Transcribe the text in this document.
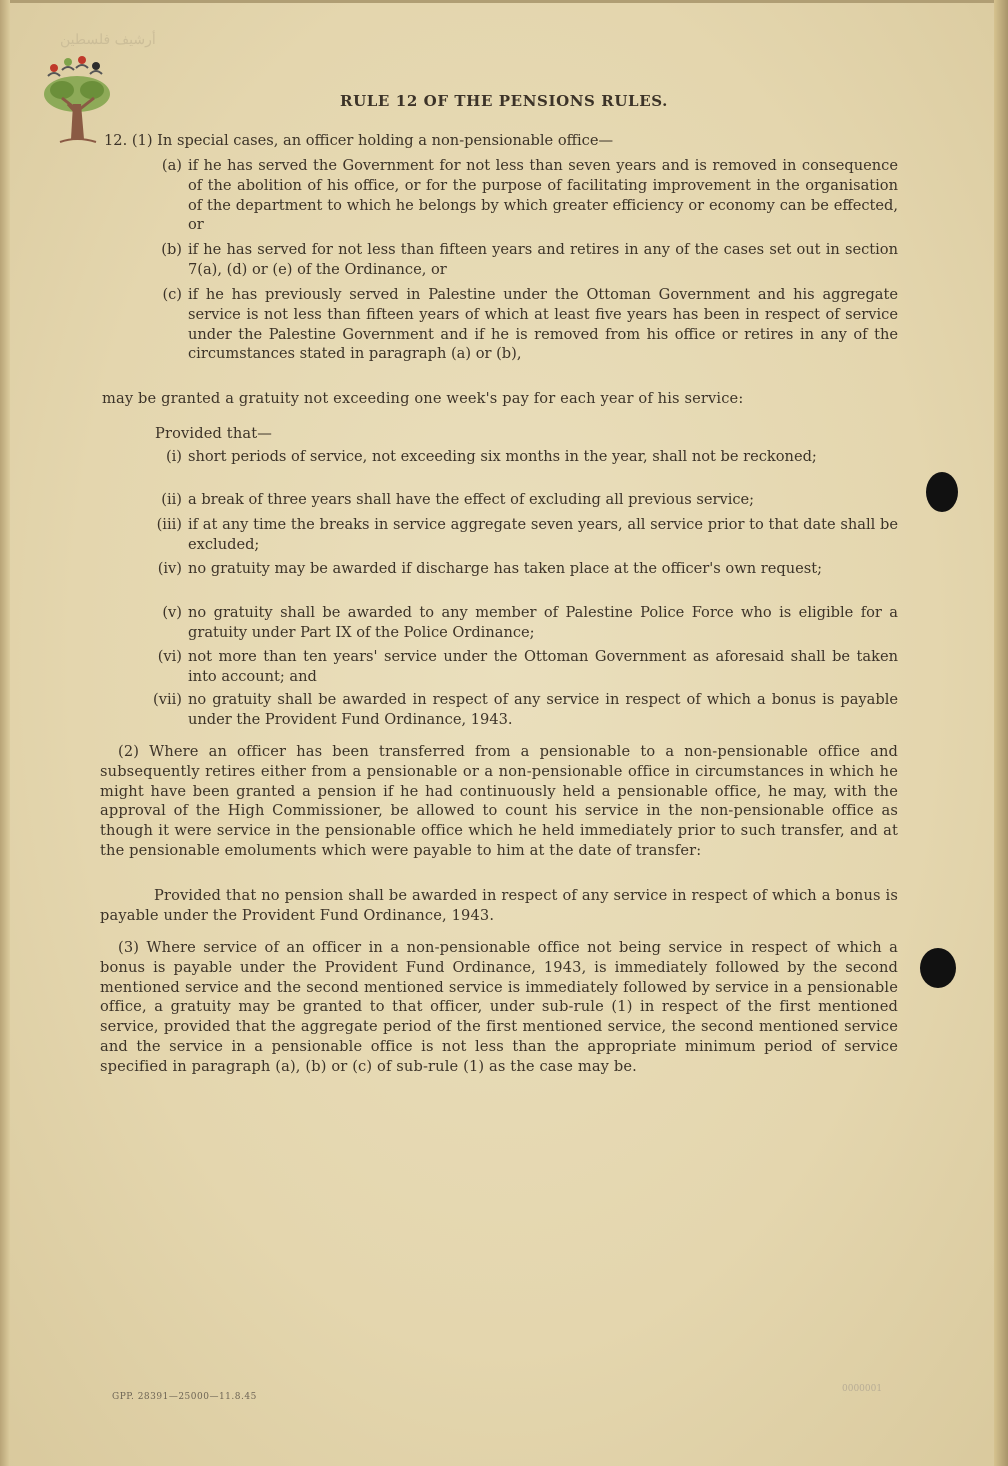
أرشيف فلسطين
RULE 12 OF THE PENSIONS RULES.
12. (1) In special cases, an officer holding a non-pensionable office—
(a) if he has served the Government for not less than seven years and is removed in consequence of the abolition of his office, or for the purpose of facilitating improvement in the organisation of the department to which he belongs by which greater efficiency or economy can be effected, or
(b) if he has served for not less than fifteen years and retires in any of the cases set out in section 7(a), (d) or (e) of the Ordinance, or
(c) if he has previously served in Palestine under the Ottoman Government and his aggregate service is not less than fifteen years of which at least five years has been in respect of service under the Palestine Government and if he is removed from his office or retires in any of the circumstances stated in paragraph (a) or (b),
may be granted a gratuity not exceeding one week's pay for each year of his service:
Provided that—
(i) short periods of service, not exceeding six months in the year, shall not be reckoned;
(ii) a break of three years shall have the effect of excluding all previous service;
(iii) if at any time the breaks in service aggregate seven years, all service prior to that date shall be excluded;
(iv) no gratuity may be awarded if discharge has taken place at the officer's own request;
(v) no gratuity shall be awarded to any member of Palestine Police Force who is eligible for a gratuity under Part IX of the Police Ordinance;
(vi) not more than ten years' service under the Ottoman Government as aforesaid shall be taken into account; and
(vii) no gratuity shall be awarded in respect of any service in respect of which a bonus is payable under the Provident Fund Ordinance, 1943.
(2) Where an officer has been transferred from a pensionable to a non-pensionable office and subsequently retires either from a pensionable or a non-pensionable office in circumstances in which he might have been granted a pension if he had continuously held a pensionable office, he may, with the approval of the High Commissioner, be allowed to count his service in the non-pensionable office as though it were service in the pensionable office which he held immediately prior to such transfer, and at the pensionable emoluments which were payable to him at the date of transfer:
Provided that no pension shall be awarded in respect of any service in respect of which a bonus is payable under the Provident Fund Ordinance, 1943.
(3) Where service of an officer in a non-pensionable office not being service in respect of which a bonus is payable under the Provident Fund Ordinance, 1943, is immediately followed by the second mentioned service and the second mentioned service is immediately followed by service in a pensionable office, a gratuity may be granted to that officer, under sub-rule (1) in respect of the first mentioned service, provided that the aggregate period of the first mentioned service, the second mentioned service and the service in a pensionable office is not less than the appropriate minimum period of service specified in paragraph (a), (b) or (c) of sub-rule (1) as the case may be.
GPP. 28391—25000—11.8.45
0000001
